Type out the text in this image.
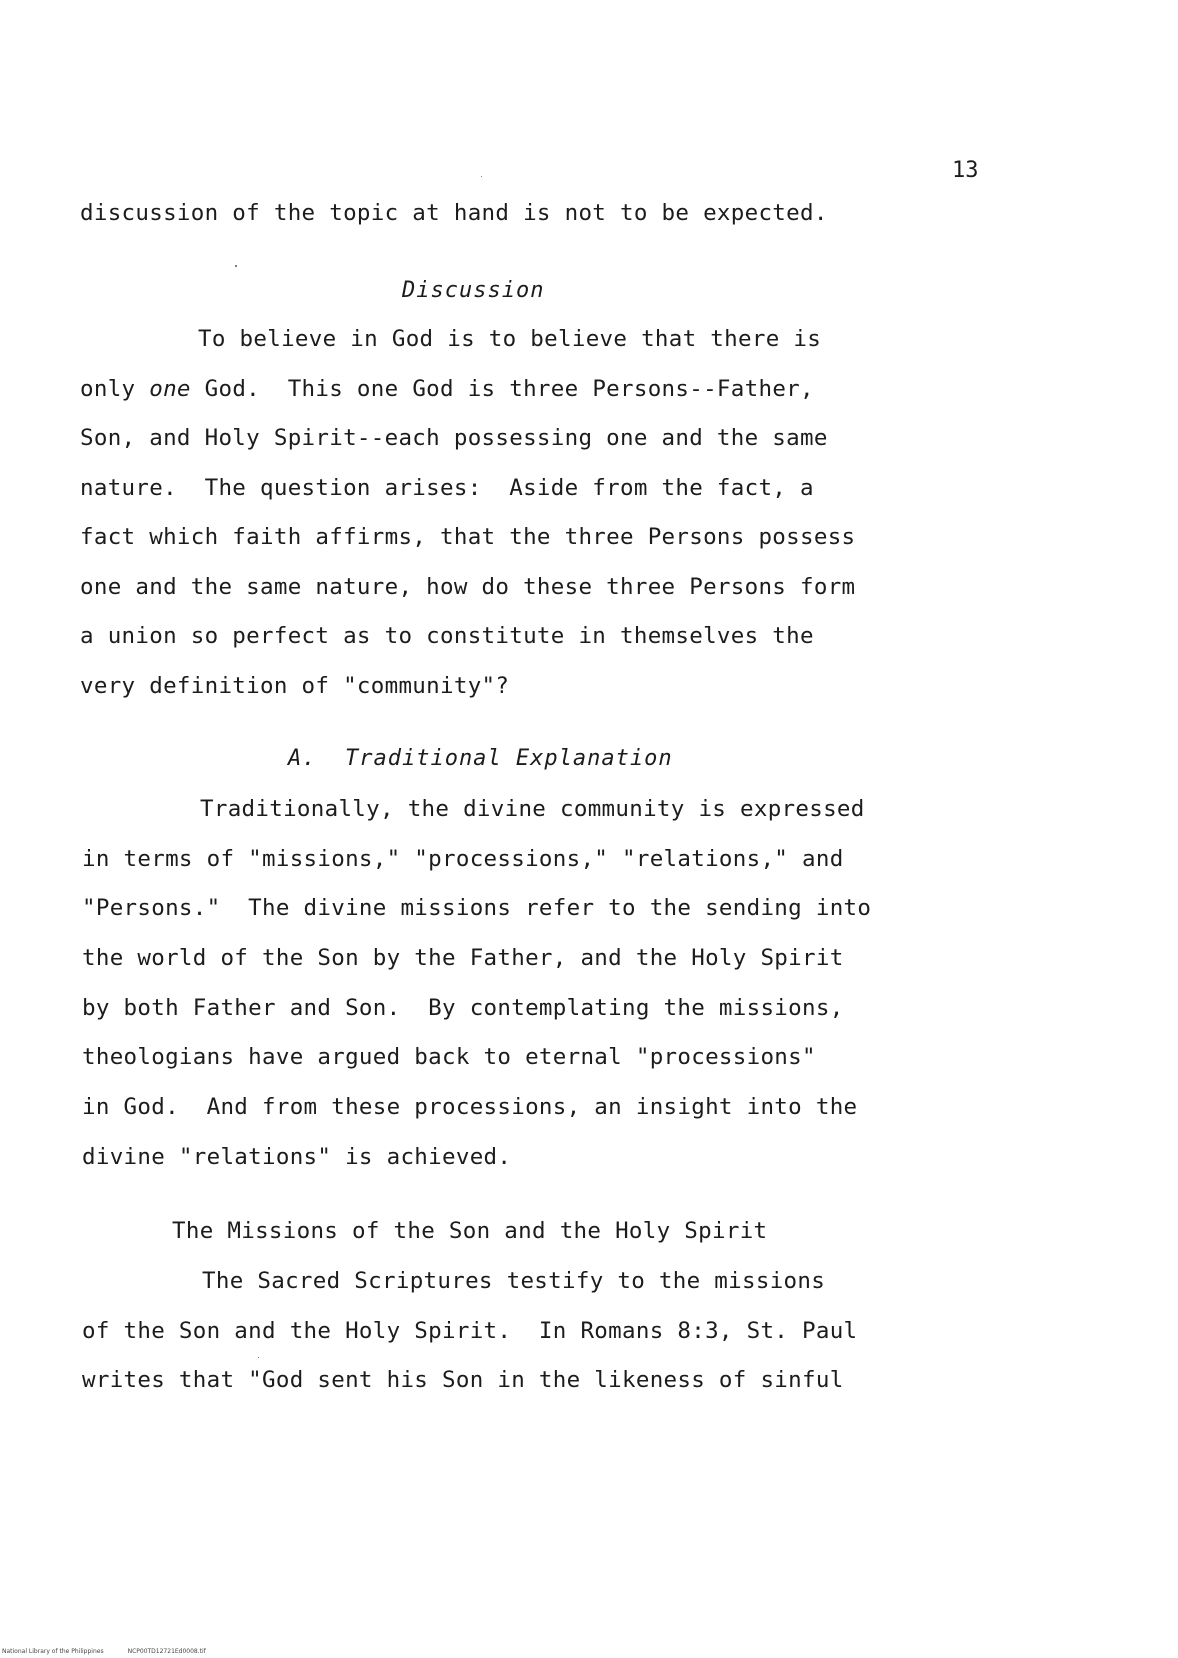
13
discussion of the topic at hand is not to be expected.
Discussion
To believe in God is to believe that there is
only one God.  This one God is three Persons--Father,
Son, and Holy Spirit--each possessing one and the same
nature.  The question arises:  Aside from the fact, a
fact which faith affirms, that the three Persons possess
one and the same nature, how do these three Persons form
a union so perfect as to constitute in themselves the
very definition of "community"?
A.  Traditional Explanation
Traditionally, the divine community is expressed
in terms of "missions," "processions," "relations," and
"Persons."  The divine missions refer to the sending into
the world of the Son by the Father, and the Holy Spirit
by both Father and Son.  By contemplating the missions,
theologians have argued back to eternal "processions"
in God.  And from these processions, an insight into the
divine "relations" is achieved.
The Missions of the Son and the Holy Spirit
The Sacred Scriptures testify to the missions
of the Son and the Holy Spirit.  In Romans 8:3, St. Paul
writes that "God sent his Son in the likeness of sinful
National Library of the Philippines	NCP00TD12721Ed0008.tif
